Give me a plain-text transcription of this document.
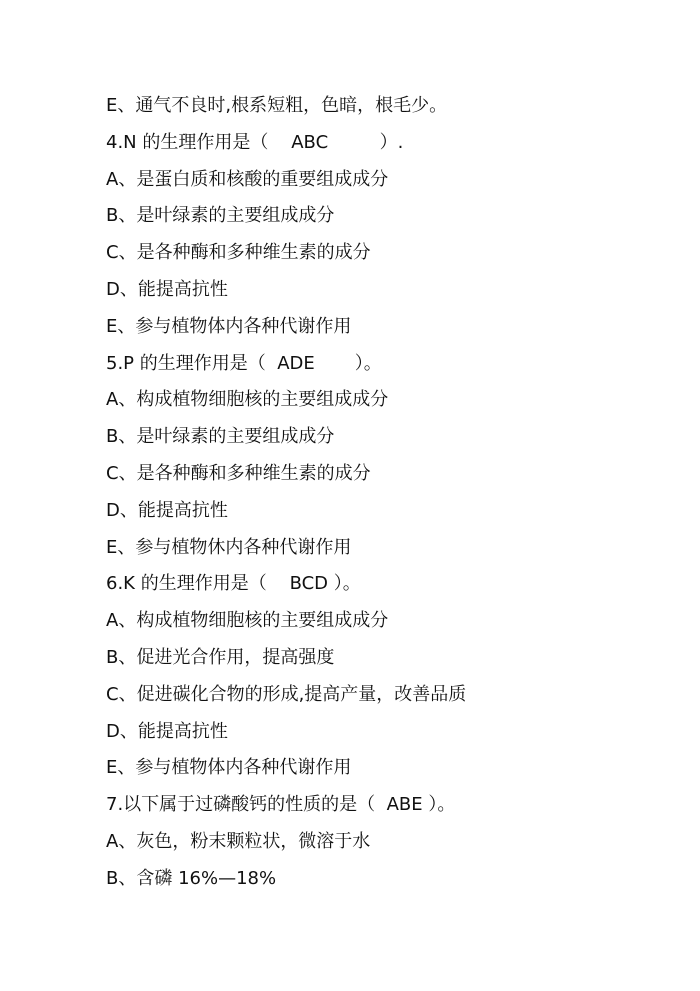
E、通气不良时,根系短粗，色暗，根毛少。
4.N 的生理作用是（    ABC         ）.
A、是蛋白质和核酸的重要组成成分
B、是叶绿素的主要组成成分
C、是各种酶和多种维生素的成分
D、能提高抗性
E、参与植物体内各种代谢作用
5.P 的生理作用是（  ADE       ）。
A、构成植物细胞核的主要组成成分
B、是叶绿素的主要组成成分
C、是各种酶和多种维生素的成分
D、能提高抗性
E、参与植物休内各种代谢作用
6.K 的生理作用是（    BCD ）。
A、构成植物细胞核的主要组成成分
B、促进光合作用，提高强度
C、促进碳化合物的形成,提高产量，改善品质
D、能提高抗性
E、参与植物体内各种代谢作用
7.以下属于过磷酸钙的性质的是（  ABE ）。
A、灰色，粉末颗粒状，微溶于水
B、含磷 16%—18%
